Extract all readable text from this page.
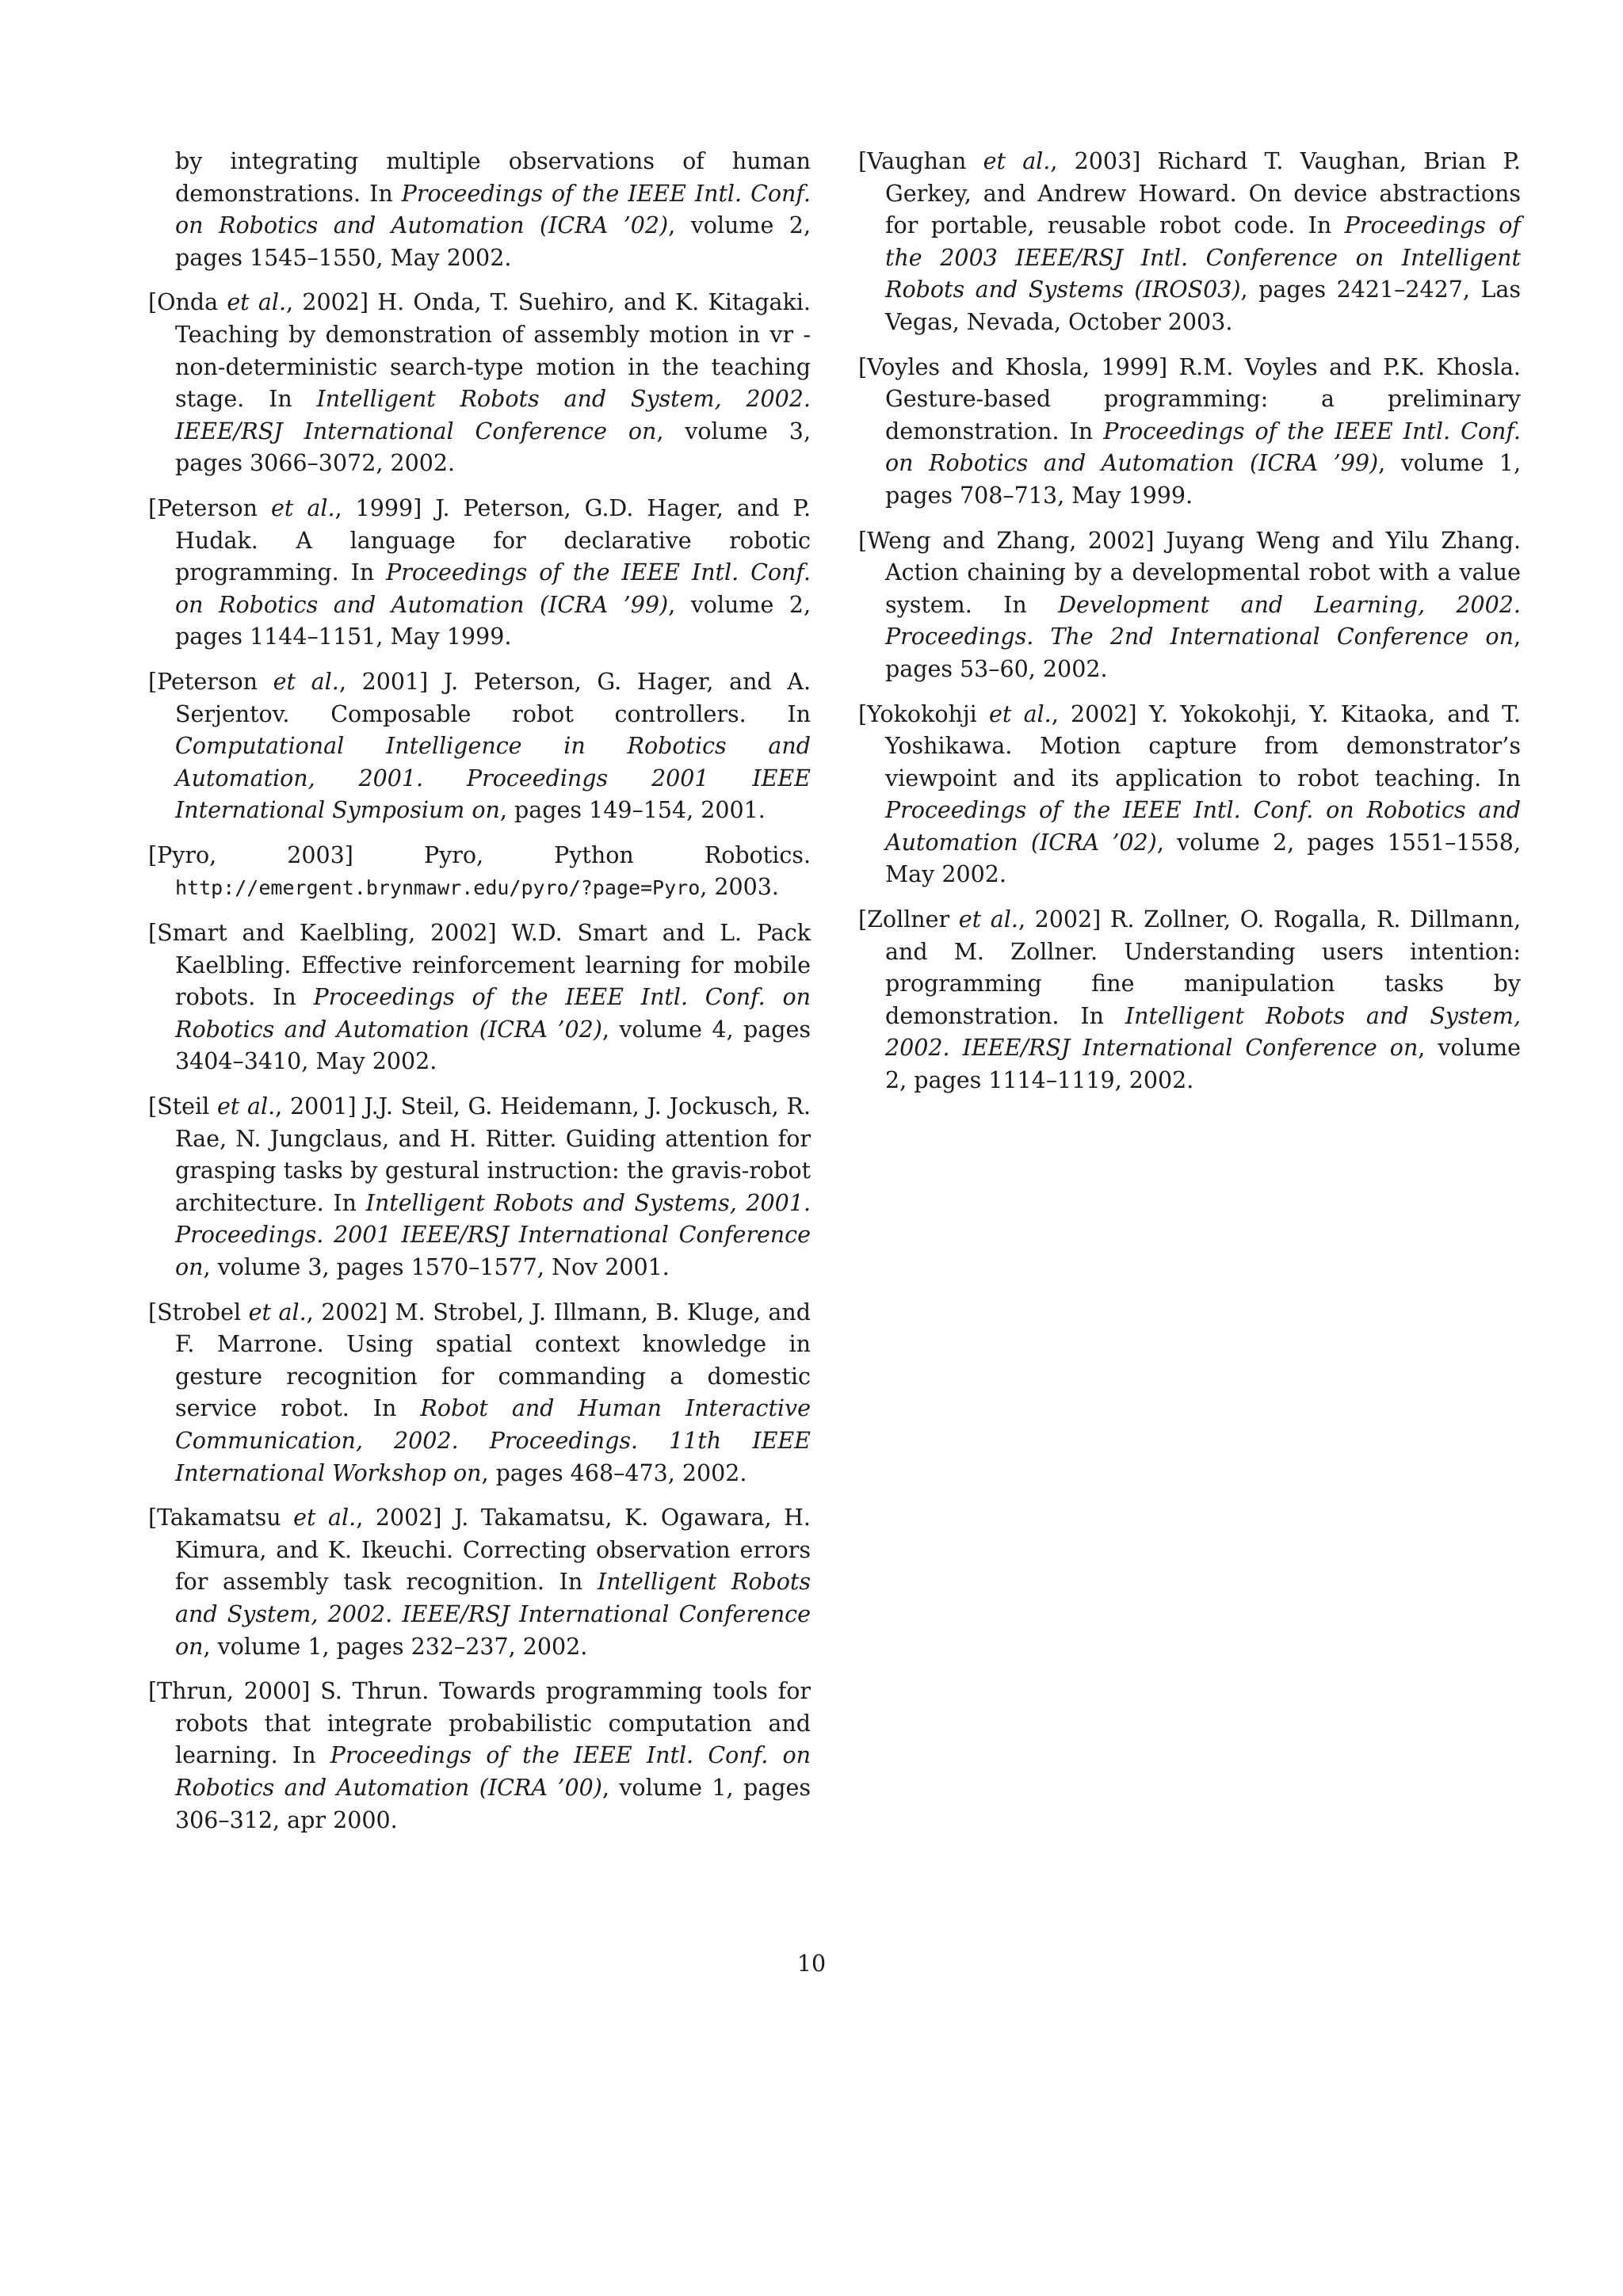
by integrating multiple observations of human demonstrations. In Proceedings of the IEEE Intl. Conf. on Robotics and Automation (ICRA ’02), volume 2, pages 1545–1550, May 2002.

[Onda et al., 2002] H. Onda, T. Suehiro, and K. Kitagaki. Teaching by demonstration of assembly motion in vr - non-deterministic search-type motion in the teaching stage. In Intelligent Robots and System, 2002. IEEE/RSJ International Conference on, volume 3, pages 3066–3072, 2002.

[Peterson et al., 1999] J. Peterson, G.D. Hager, and P. Hudak. A language for declarative robotic programming. In Proceedings of the IEEE Intl. Conf. on Robotics and Automation (ICRA ’99), volume 2, pages 1144–1151, May 1999.

[Peterson et al., 2001] J. Peterson, G. Hager, and A. Serjentov. Composable robot controllers. In Computational Intelligence in Robotics and Automation, 2001. Proceedings 2001 IEEE International Symposium on, pages 149–154, 2001.

[Pyro, 2003] Pyro, Python Robotics. http://emergent.brynmawr.edu/pyro/?page=Pyro, 2003.

[Smart and Kaelbling, 2002] W.D. Smart and L. Pack Kaelbling. Effective reinforcement learning for mobile robots. In Proceedings of the IEEE Intl. Conf. on Robotics and Automation (ICRA ’02), volume 4, pages 3404–3410, May 2002.

[Steil et al., 2001] J.J. Steil, G. Heidemann, J. Jockusch, R. Rae, N. Jungclaus, and H. Ritter. Guiding attention for grasping tasks by gestural instruction: the gravis-robot architecture. In Intelligent Robots and Systems, 2001. Proceedings. 2001 IEEE/RSJ International Conference on, volume 3, pages 1570–1577, Nov 2001.

[Strobel et al., 2002] M. Strobel, J. Illmann, B. Kluge, and F. Marrone. Using spatial context knowledge in gesture recognition for commanding a domestic service robot. In Robot and Human Interactive Communication, 2002. Proceedings. 11th IEEE International Workshop on, pages 468–473, 2002.

[Takamatsu et al., 2002] J. Takamatsu, K. Ogawara, H. Kimura, and K. Ikeuchi. Correcting observation errors for assembly task recognition. In Intelligent Robots and System, 2002. IEEE/RSJ International Conference on, volume 1, pages 232–237, 2002.

[Thrun, 2000] S. Thrun. Towards programming tools for robots that integrate probabilistic computation and learning. In Proceedings of the IEEE Intl. Conf. on Robotics and Automation (ICRA ’00), volume 1, pages 306–312, apr 2000.

[Vaughan et al., 2003] Richard T. Vaughan, Brian P. Gerkey, and Andrew Howard. On device abstractions for portable, reusable robot code. In Proceedings of the 2003 IEEE/RSJ Intl. Conference on Intelligent Robots and Systems (IROS03), pages 2421–2427, Las Vegas, Nevada, October 2003.

[Voyles and Khosla, 1999] R.M. Voyles and P.K. Khosla. Gesture-based programming: a preliminary demonstration. In Proceedings of the IEEE Intl. Conf. on Robotics and Automation (ICRA ’99), volume 1, pages 708–713, May 1999.

[Weng and Zhang, 2002] Juyang Weng and Yilu Zhang. Action chaining by a developmental robot with a value system. In Development and Learning, 2002. Proceedings. The 2nd International Conference on, pages 53–60, 2002.

[Yokokohji et al., 2002] Y. Yokokohji, Y. Kitaoka, and T. Yoshikawa. Motion capture from demonstrator’s viewpoint and its application to robot teaching. In Proceedings of the IEEE Intl. Conf. on Robotics and Automation (ICRA ’02), volume 2, pages 1551–1558, May 2002.

[Zollner et al., 2002] R. Zollner, O. Rogalla, R. Dillmann, and M. Zollner. Understanding users intention: programming fine manipulation tasks by demonstration. In Intelligent Robots and System, 2002. IEEE/RSJ International Conference on, volume 2, pages 1114–1119, 2002.

10
